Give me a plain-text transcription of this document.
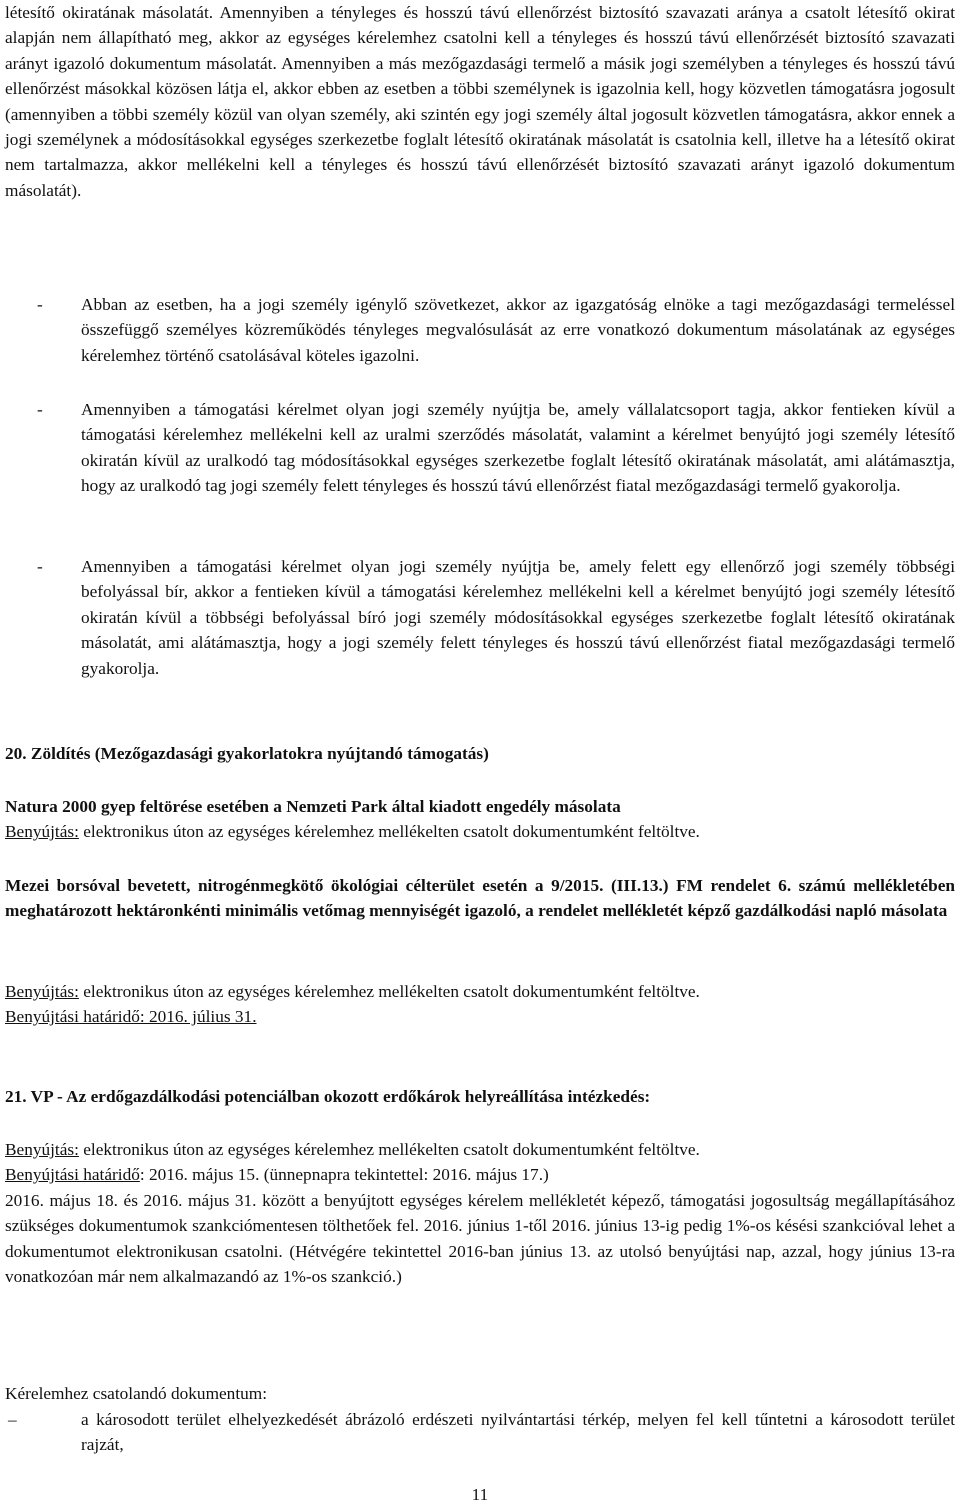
létesítő okiratának másolatát. Amennyiben a tényleges és hosszú távú ellenőrzést biztosító szavazati aránya a csatolt létesítő okirat alapján nem állapítható meg, akkor az egységes kérelemhez csatolni kell a tényleges és hosszú távú ellenőrzését biztosító szavazati arányt igazoló dokumentum másolatát. Amennyiben a más mezőgazdasági termelő a másik jogi személyben a tényleges és hosszú távú ellenőrzést másokkal közösen látja el, akkor ebben az esetben a többi személynek is igazolnia kell, hogy közvetlen támogatásra jogosult (amennyiben a többi személy közül van olyan személy, aki szintén egy jogi személy által jogosult közvetlen támogatásra, akkor ennek a jogi személynek a módosításokkal egységes szerkezetbe foglalt létesítő okiratának másolatát is csatolnia kell, illetve ha a létesítő okirat nem tartalmazza, akkor mellékelni kell a tényleges és hosszú távú ellenőrzését biztosító szavazati arányt igazoló dokumentum másolatát).

- Abban az esetben, ha a jogi személy igénylő szövetkezet, akkor az igazgatóság elnöke a tagi mezőgazdasági termeléssel összefüggő személyes közreműködés tényleges megvalósulását az erre vonatkozó dokumentum másolatának az egységes kérelemhez történő csatolásával köteles igazolni.

- Amennyiben a támogatási kérelmet olyan jogi személy nyújtja be, amely vállalatcsoport tagja, akkor fentieken kívül a támogatási kérelemhez mellékelni kell az uralmi szerződés másolatát, valamint a kérelmet benyújtó jogi személy létesítő okiratán kívül az uralkodó tag módosításokkal egységes szerkezetbe foglalt létesítő okiratának másolatát, ami alátámasztja, hogy az uralkodó tag jogi személy felett tényleges és hosszú távú ellenőrzést fiatal mezőgazdasági termelő gyakorolja.

- Amennyiben a támogatási kérelmet olyan jogi személy nyújtja be, amely felett egy ellenőrző jogi személy többségi befolyással bír, akkor a fentieken kívül a támogatási kérelemhez mellékelni kell a kérelmet benyújtó jogi személy létesítő okiratán kívül a többségi befolyással bíró jogi személy módosításokkal egységes szerkezetbe foglalt létesítő okiratának másolatát, ami alátámasztja, hogy a jogi személy felett tényleges és hosszú távú ellenőrzést fiatal mezőgazdasági termelő gyakorolja.

20. Zöldítés (Mezőgazdasági gyakorlatokra nyújtandó támogatás)

Natura 2000 gyep feltörése esetében a Nemzeti Park által kiadott engedély másolata

Benyújtás: elektronikus úton az egységes kérelemhez mellékelten csatolt dokumentumként feltöltve.

Mezei borsóval bevetett, nitrogénmegkötő ökológiai célterület esetén a 9/2015. (III.13.) FM rendelet 6. számú mellékletében meghatározott hektáronkénti minimális vetőmag mennyiségét igazoló, a rendelet mellékletét képző gazdálkodási napló másolata

Benyújtás: elektronikus úton az egységes kérelemhez mellékelten csatolt dokumentumként feltöltve.

Benyújtási határidő: 2016. július 31.

21. VP - Az erdőgazdálkodási potenciálban okozott erdőkárok helyreállítása intézkedés:

Benyújtás: elektronikus úton az egységes kérelemhez mellékelten csatolt dokumentumként feltöltve.

Benyújtási határidő: 2016. május 15. (ünnepnapra tekintettel: 2016. május 17.)

2016. május 18. és 2016. május 31. között a benyújtott egységes kérelem mellékletét képező, támogatási jogosultság megállapításához szükséges dokumentumok szankciómentesen tölthetőek fel. 2016. június 1-től 2016. június 13-ig pedig 1%-os késési szankcióval lehet a dokumentumot elektronikusan csatolni. (Hétvégére tekintettel 2016-ban június 13. az utolsó benyújtási nap, azzal, hogy június 13-ra vonatkozóan már nem alkalmazandó az 1%-os szankció.)

Kérelemhez csatolandó dokumentum:

–	a károsodott terület elhelyezkedését ábrázoló erdészeti nyilvántartási térkép, melyen fel kell tűntetni a károsodott terület rajzát,

11
